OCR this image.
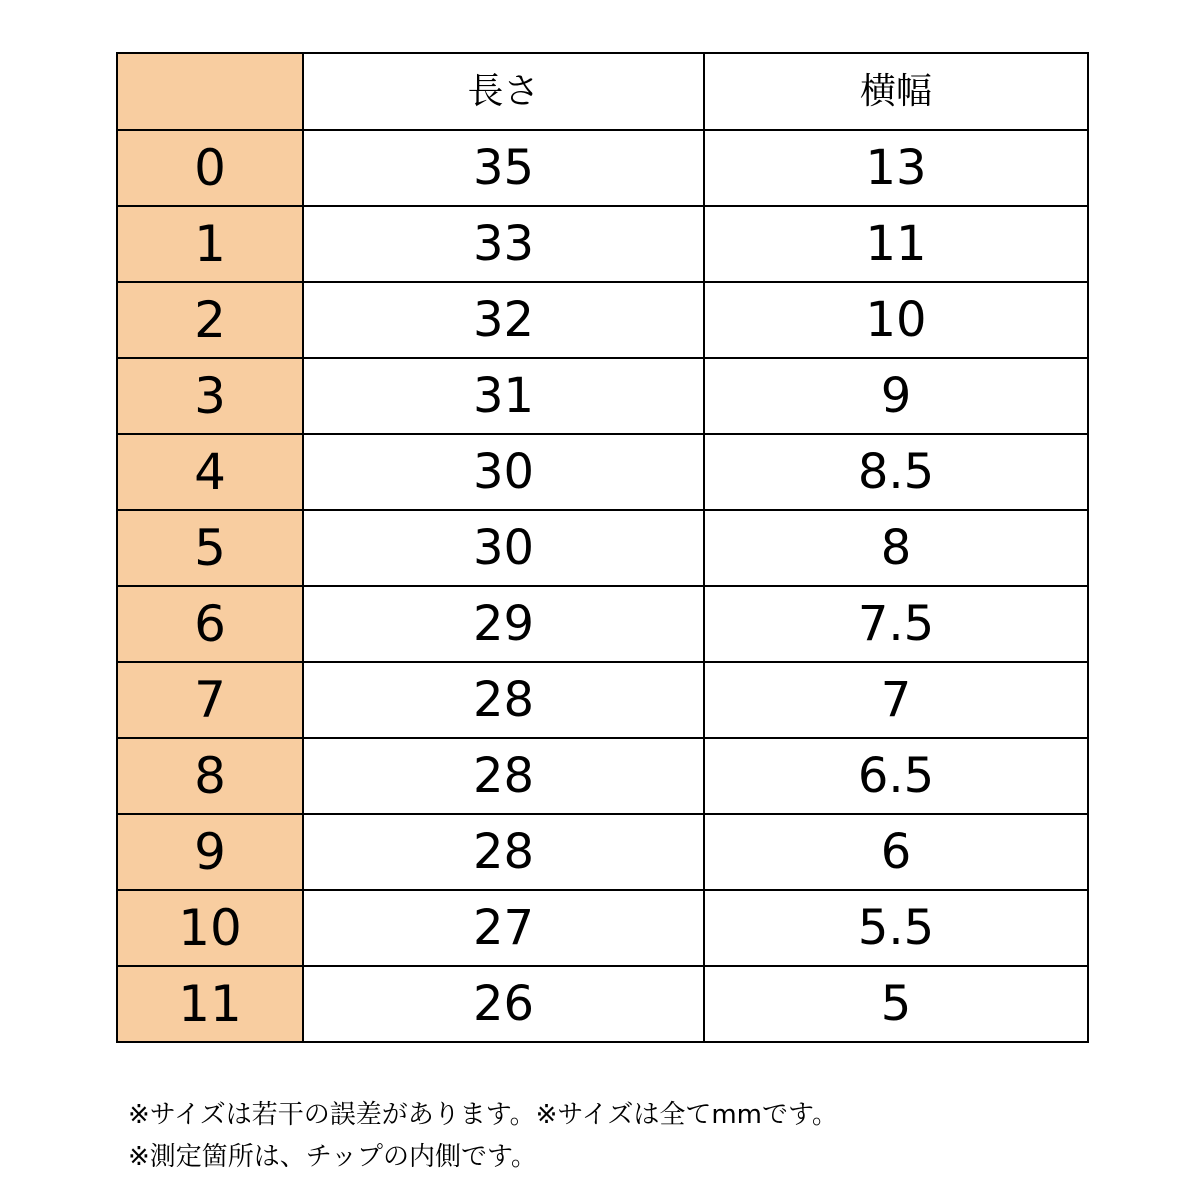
	長さ	横幅
0	35	13
1	33	11
2	32	10
3	31	9
4	30	8.5
5	30	8
6	29	7.5
7	28	7
8	28	6.5
9	28	6
10	27	5.5
11	26	5
※サイズは若干の誤差があります。※サイズは全てmmです。
※測定箇所は、チップの内側です。
